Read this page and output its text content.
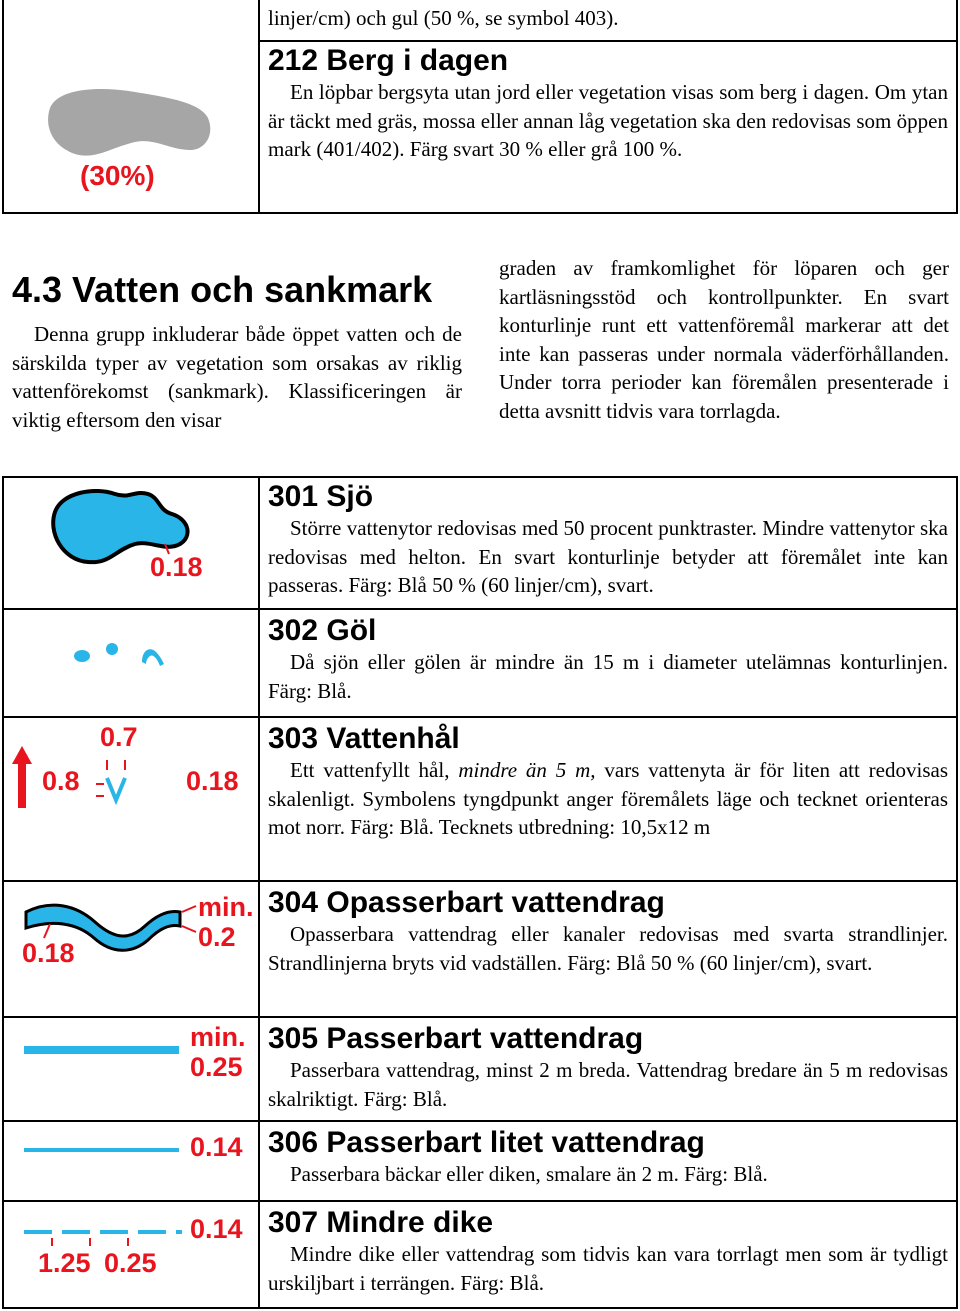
linjer/cm) och gul (50 %, se symbol 403).
212 Berg i dagen
En löpbar bergsyta utan jord eller vegetation visas som berg i dagen. Om ytan är täckt med gräs, mossa eller annan låg vegetation ska den redovisas som öppen mark (401/402). Färg svart 30 % eller grå 100 %.
(30%)
4.3 Vatten och sankmark
Denna grupp inkluderar både öppet vatten och de särskilda typer av vegetation som orsakas av riklig vattenförekomst (sankmark). Klassificeringen är viktig eftersom den visar
graden av framkomlighet för löparen och ger kartläsningsstöd och kontrollpunkter. En svart konturlinje runt ett vattenföremål markerar att det inte kan passeras under normala väderförhållanden. Under torra perioder kan föremålen presenterade i detta avsnitt tidvis vara torrlagda.
301 Sjö
Större vattenytor redovisas med 50 procent punktraster. Mindre vattenytor ska redovisas med helton. En svart konturlinje betyder att föremålet inte kan passeras. Färg: Blå 50 % (60 linjer/cm), svart.
0.18
302 Göl
Då sjön eller gölen är mindre än 15 m i diameter utelämnas konturlinjen. Färg: Blå.
303 Vattenhål
Ett vattenfyllt hål, mindre än 5 m, vars vattenyta är för liten att redovisas skalenligt. Symbolens tyngdpunkt anger föremålets läge och tecknet orienteras mot norr. Färg: Blå. Tecknets utbredning: 10,5x12 m
0.7
0.8	0.18
304 Opasserbart vattendrag
Opasserbara vattendrag eller kanaler redovisas med svarta strandlinjer. Strandlinjerna bryts vid vadställen. Färg: Blå 50 % (60 linjer/cm), svart.
min.
0.2
0.18
305 Passerbart vattendrag
Passerbara vattendrag, minst 2 m breda. Vattendrag bredare än 5 m redovisas skalriktigt. Färg: Blå.
min.
0.25
306 Passerbart litet vattendrag
Passerbara bäckar eller diken, smalare än 2 m. Färg: Blå.
0.14
307 Mindre dike
Mindre dike eller vattendrag som tidvis kan vara torrlagt men som är tydligt urskiljbart i terrängen. Färg: Blå.
0.14
1.25 0.25
